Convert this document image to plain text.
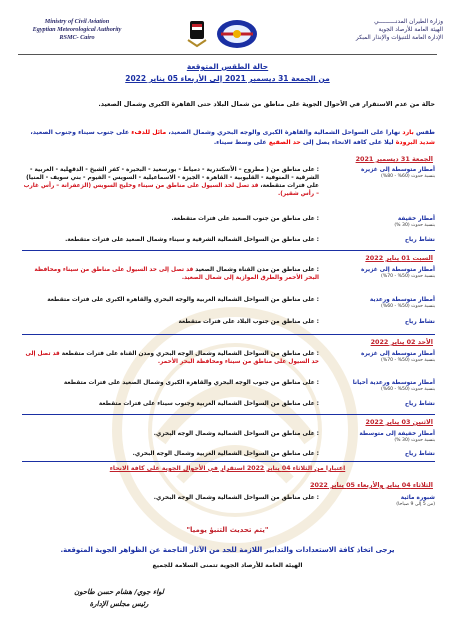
Ministry of Civil Aviation
Egyptian Meteorological Authority
RSMC- Cairo
وزارة الطيران المدنــــــــــي
الهيئة العامة للأرصاد الجوية
الإدارة العامة للتنبؤات والإنذار المبكر
حالة الطقس المتوقعة
من الجمعة 31 ديسمبر 2021 إلى الأربعاء 05 يناير 2022
حالة من عدم الاستقرار في الأحوال الجوية على مناطق من شمال البلاد حتى القاهرة الكبرى وشمال الصعيد.
طقس بارد نهارا على السواحل الشمالية والقاهرة الكبرى والوجه البحري وشمال الصعيد، مائل للدفء على جنوب سيناء وجنوب الصعيد، شديد البرودة ليلا على كافة الانحاء يصل إلى حد الصقيع على وسط سيناء.
الجمعة 31 ديسمبر 2021
أمطار متوسطة إلى غزيرة
بنسبة حدوث (60% - 80%)
: على مناطق من ( مطروح – الأسكندرية - دمياط - بورسعيد - البحيرة - كفر الشيخ - الدقهلية - الغربية - الشرقية - المنوفية - القليوبية - القاهرة - الجيزة - الاسماعيلية - السويس - الفيوم - بني سويف - المنيا) على فترات متقطعة، قد تصل لحد السيول على مناطق من سيناء وخليج السويس (الزعفرانة – رأس غارب – رأس شقير).
أمطار خفيفة
بنسبة حدوث (30 %)
: على مناطق من جنوب الصعيد على فترات متقطعة.
نشاط رياح
: على مناطق من السواحل الشمالية الشرقية و سيناء وشمال الصعيد على فترات متقطعة.
السبت 01 يناير 2022
أمطار متوسطة إلى غزيرة
بنسبة حدوث (50% - 70%)
: على مناطق من مدن القناة وشمال الصعيد قد تصل إلى حد السيول على مناطق من سيناء ومحافظة البحر الأحمر والطرق الموازية إلى شمال الصعيد.
أمطار متوسطة ورعدية
بنسبة حدوث (50% - 60%)
: على مناطق من السواحل الشمالية الغربية والوجه البحري والقاهرة الكبرى على فترات متقطعة
نشاط رياح
: على مناطق من جنوب البلاد على فترات متقطعة
الأحد 02 يناير 2022
أمطار متوسطة إلى غزيرة
بنسبة حدوث (50% - 70%)
: على مناطق من السواحل الشمالية وشمال الوجه البحري ومدن القناة على فترات متقطعة قد تصل إلى حد السيول على مناطق من سيناء ومحافظة البحر الأحمر.
أمطار متوسطة ورعدية أحيانا
بنسبة حدوث (50% - 60%)
: على مناطق من جنوب الوجه البحري والقاهرة الكبرى وشمال الصعيد على فترات متقطعة
نشاط رياح
: على مناطق من السواحل الشمالية الغربية وجنوب سيناء على فترات متقطعة
الاثنين 03 يناير 2022
أمطار خفيفة إلى متوسطة
بنسبة حدوث (30 %)
: على مناطق من السواحل الشمالية وشمال الوجه البحري.
نشاط رياح
: على مناطق من السواحل الشمالية الغربية وشمال الوجه البحري.
اعتبارا من الثلاثاء 04 يناير 2022 استقرار في الأحوال الجوية على كافة الانحاء
الثلاثاء 04 يناير والأربعاء 05 يناير 2022
شبورة مائية
(من 5 إلى 9 صباحا)
: على مناطق من السواحل الشمالية وشمال الوجه البحري.
"يتم تحديث التنبؤ يوميا"
يرجى اتخاذ كافة الاستعدادات والتدابير اللازمة للحد من الآثار الناجمة عن الظواهر الجوية المتوقعة.
الهيئة العامة للأرصاد الجوية تتمنى السلامة للجميع
لواء جوي/ هشام حسن طاحون
رئيس مجلس الإدارة
